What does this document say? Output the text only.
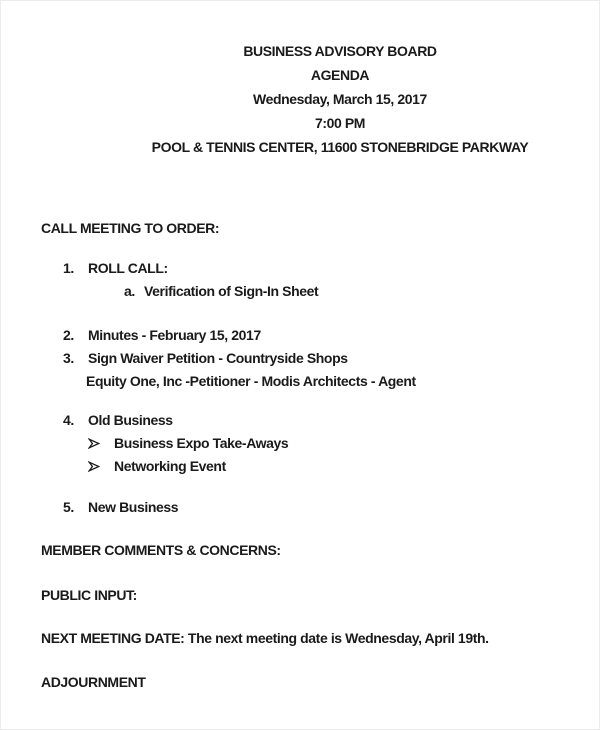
BUSINESS ADVISORY BOARD
AGENDA
Wednesday, March 15, 2017
7:00 PM
POOL & TENNIS CENTER, 11600 STONEBRIDGE PARKWAY
CALL MEETING TO ORDER:
1.	ROLL CALL:
a. Verification of Sign-In Sheet
2.	Minutes - February 15, 2017
3.	Sign Waiver Petition - Countryside Shops
Equity One, Inc -Petitioner - Modis Architects - Agent
4.	Old Business
Business Expo Take-Aways
Networking Event
5.	New Business
MEMBER COMMENTS & CONCERNS:
PUBLIC INPUT:
NEXT MEETING DATE: The next meeting date is Wednesday, April 19th.
ADJOURNMENT
